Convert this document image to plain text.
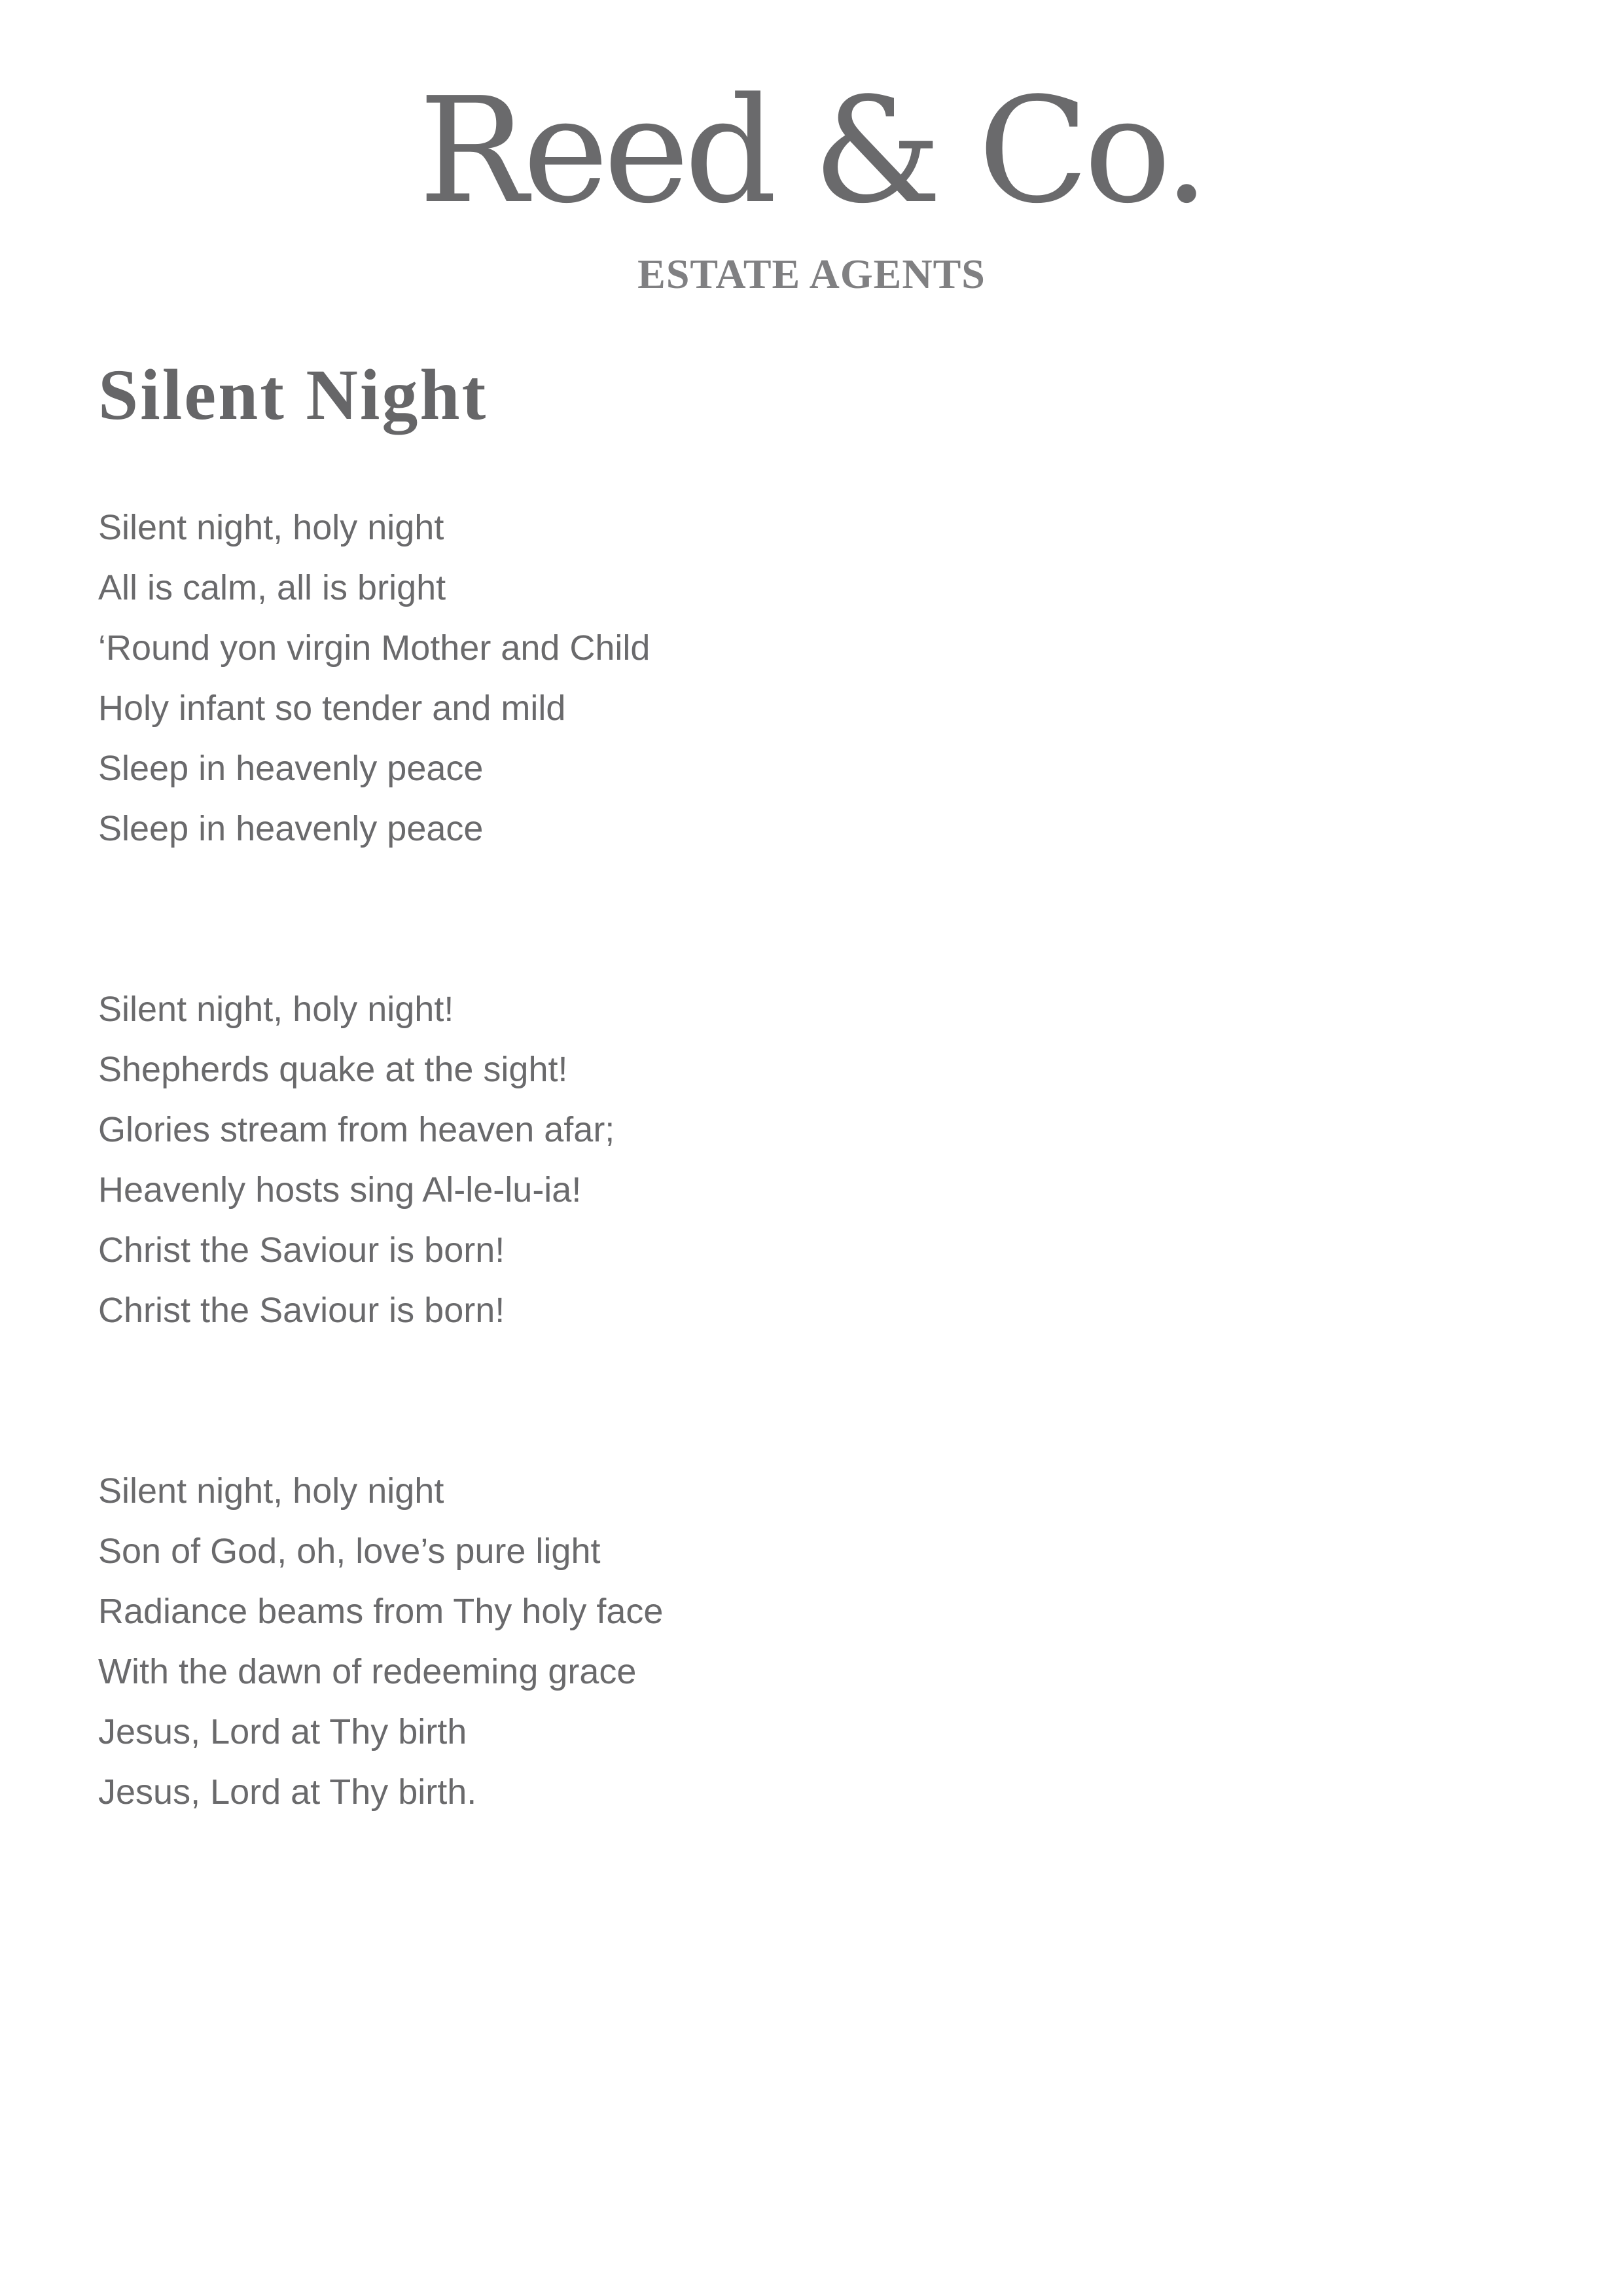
Reed & Co.
ESTATE AGENTS
Silent Night
Silent night, holy night
All is calm, all is bright
‘Round yon virgin Mother and Child
Holy infant so tender and mild
Sleep in heavenly peace
Sleep in heavenly peace
Silent night, holy night!
Shepherds quake at the sight!
Glories stream from heaven afar;
Heavenly hosts sing Al-le-lu-ia!
Christ the Saviour is born!
Christ the Saviour is born!
Silent night, holy night
Son of God, oh, love’s pure light
Radiance beams from Thy holy face
With the dawn of redeeming grace
Jesus, Lord at Thy birth
Jesus, Lord at Thy birth.
